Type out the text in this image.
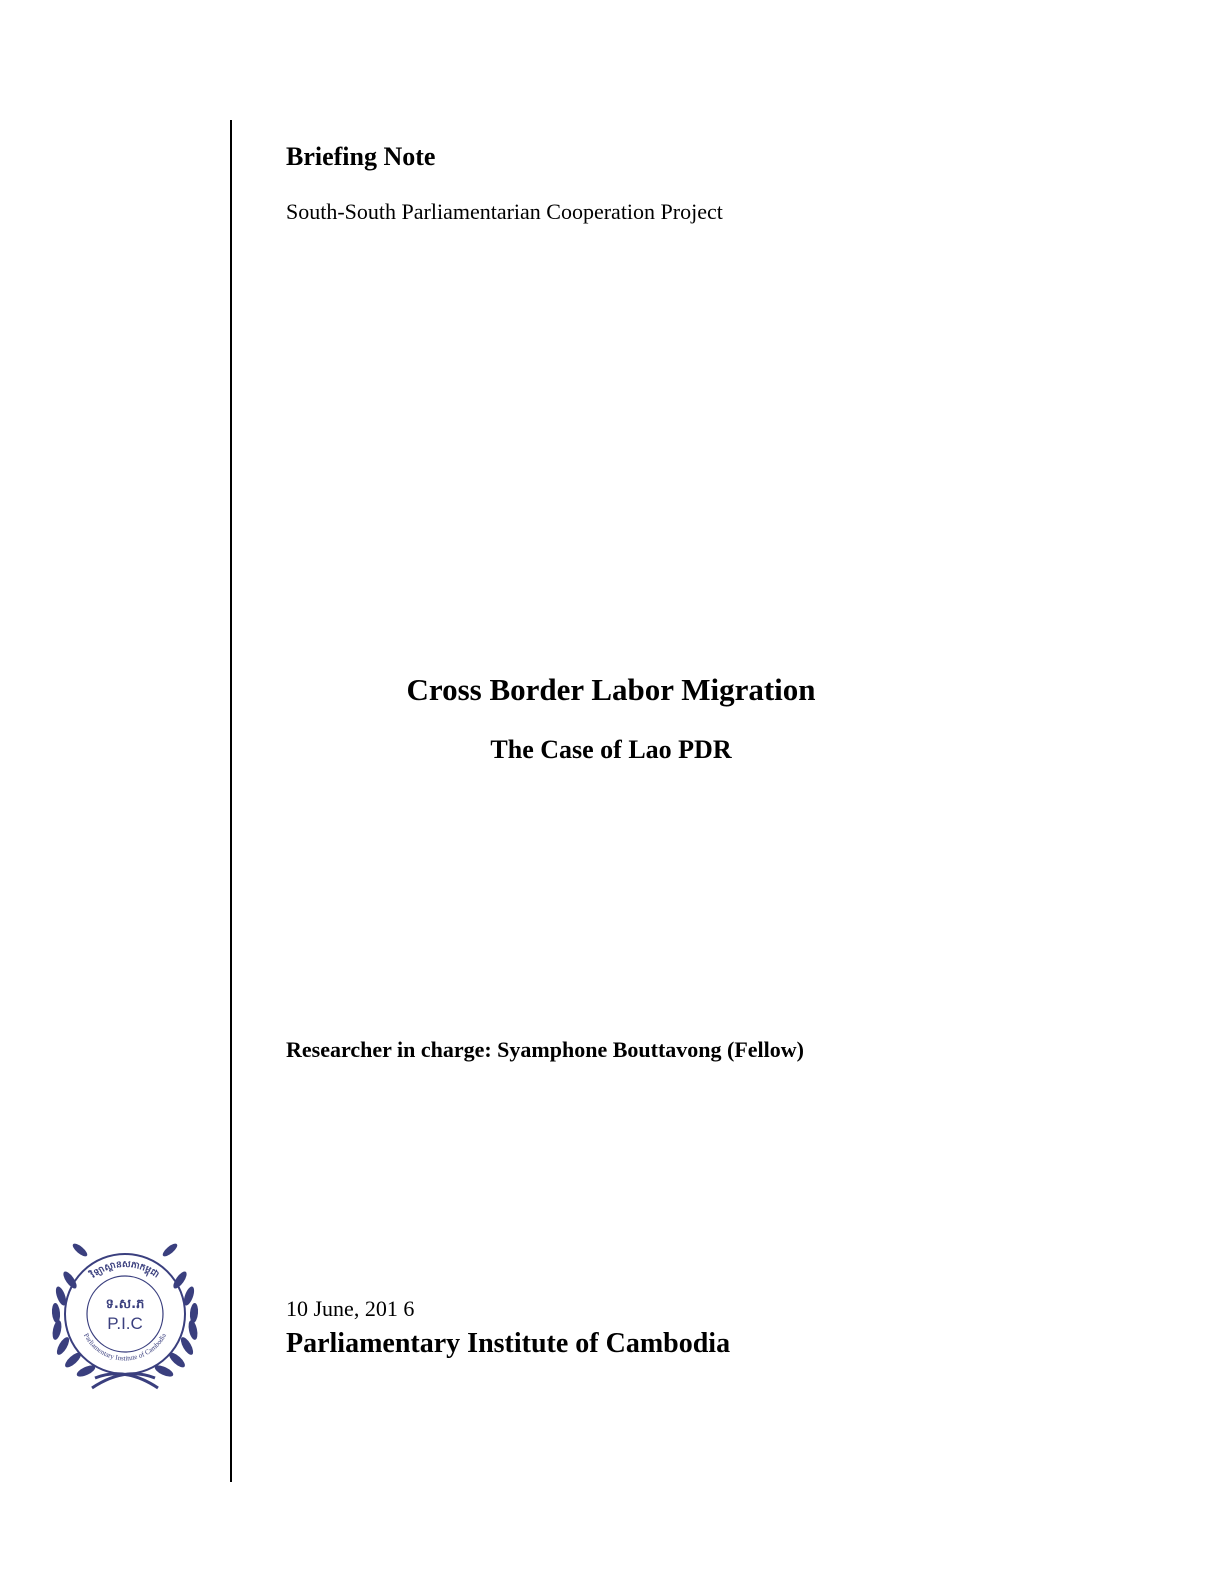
Briefing Note
South-South Parliamentarian Cooperation Project
Cross Border Labor Migration
The Case of Lao PDR
Researcher in charge: Syamphone Bouttavong (Fellow)
10 June, 201 6
Parliamentary Institute of Cambodia
វិទ្យាស្ថានសភាកម្ពុជា
Parliamentary Institute of Cambodia
ទ.ស.ភ
P.I.C
